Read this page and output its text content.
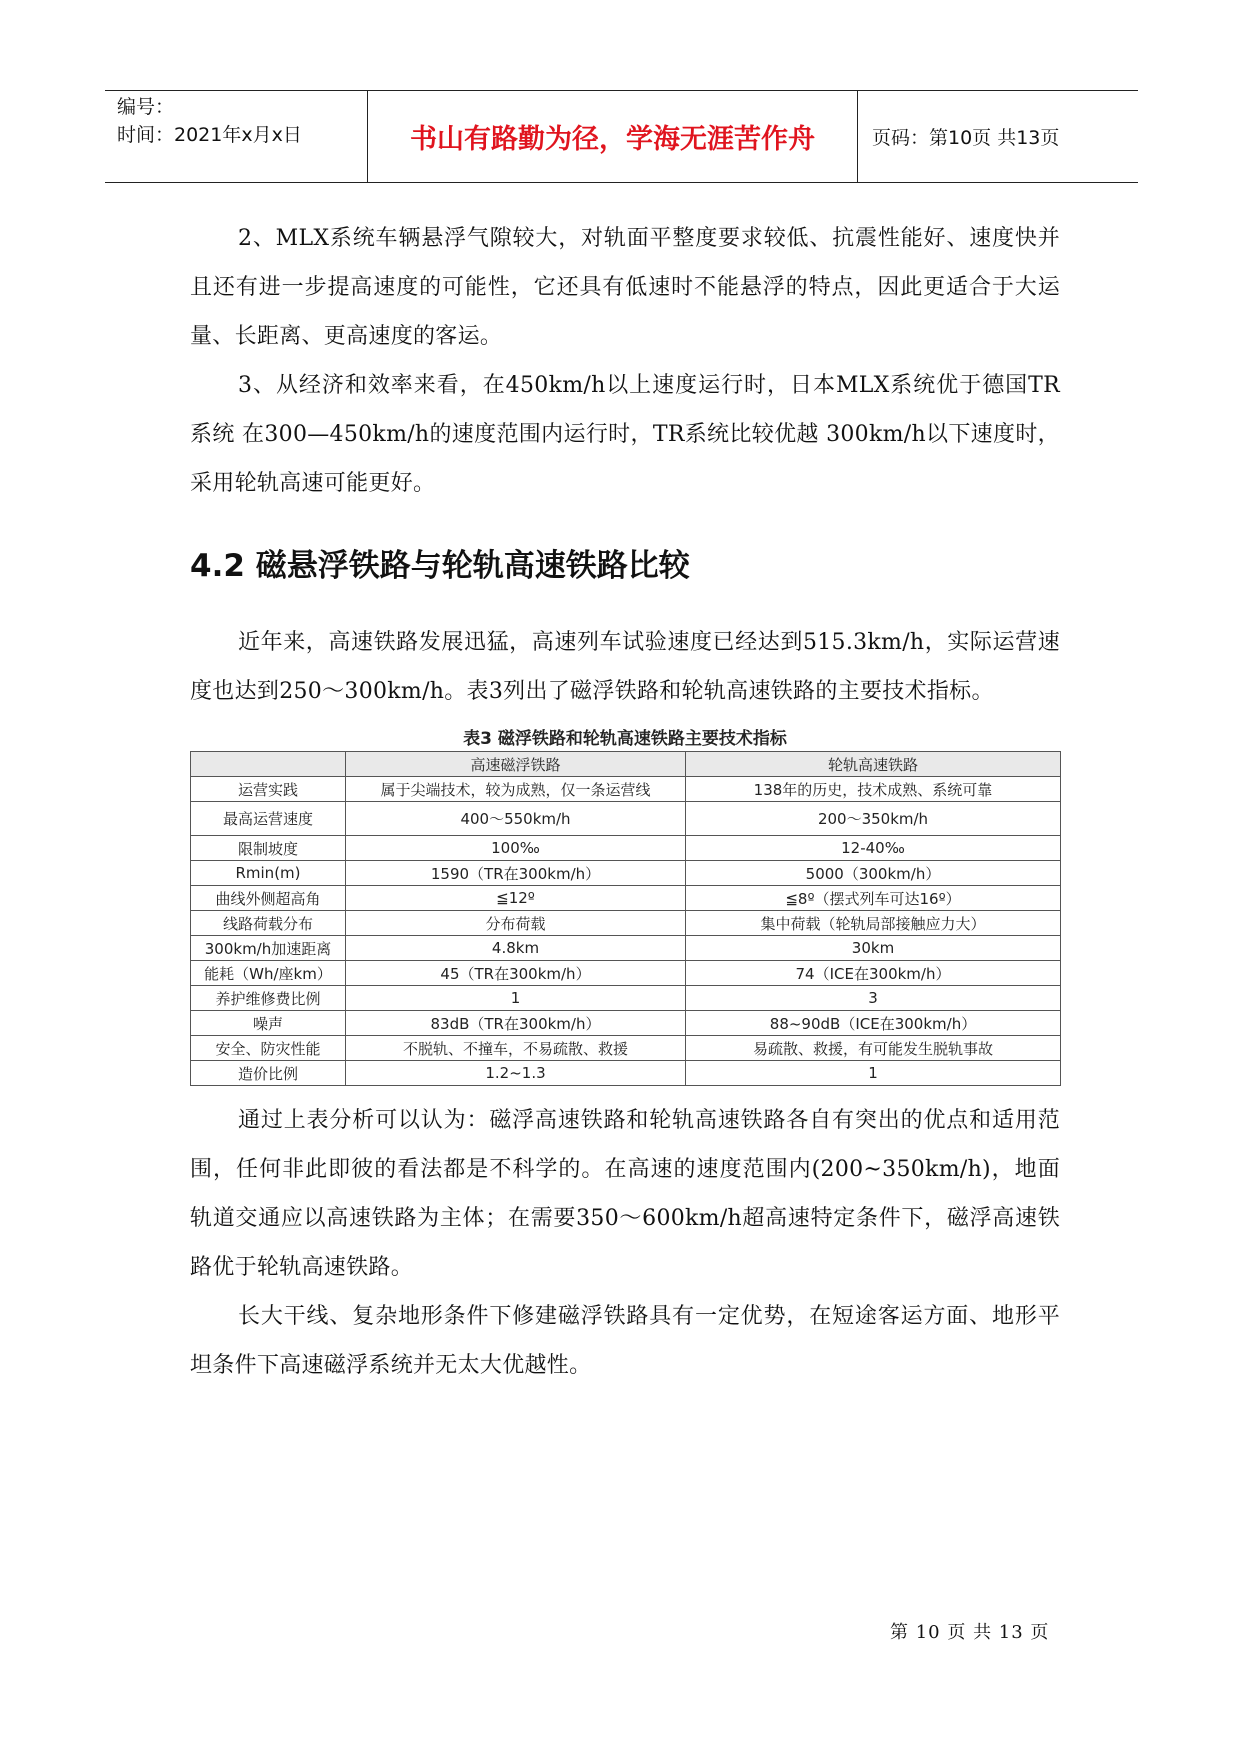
编号：
时间：2021年x月x日	书山有路勤为径，学海无涯苦作舟	页码：第10页 共13页

2、MLX系统车辆悬浮气隙较大，对轨面平整度要求较低、抗震性能好、速度快并且还有进一步提高速度的可能性，它还具有低速时不能悬浮的特点，因此更适合于大运量、长距离、更高速度的客运。

3、从经济和效率来看，在450km/h以上速度运行时，日本MLX系统优于德国TR系统 在300—450km/h的速度范围内运行时，TR系统比较优越 300km/h以下速度时，采用轮轨高速可能更好。

4.2 磁悬浮铁路与轮轨高速铁路比较

近年来，高速铁路发展迅猛，高速列车试验速度已经达到515.3km/h，实际运营速度也达到250～300km/h。表3列出了磁浮铁路和轮轨高速铁路的主要技术指标。

表3 磁浮铁路和轮轨高速铁路主要技术指标
	高速磁浮铁路	轮轨高速铁路
运营实践	属于尖端技术，较为成熟，仅一条运营线	138年的历史，技术成熟、系统可靠
最高运营速度	400～550km/h	200～350km/h
限制坡度	100‰	12-40‰
Rmin(m)	1590（TR在300km/h）	5000（300km/h）
曲线外侧超高角	≦12º	≦8º（摆式列车可达16º）
线路荷载分布	分布荷载	集中荷载（轮轨局部接触应力大）
300km/h加速距离	4.8km	30km
能耗（Wh/座km）	45（TR在300km/h）	74（ICE在300km/h）
养护维修费比例	1	3
噪声	83dB（TR在300km/h）	88~90dB（ICE在300km/h）
安全、防灾性能	不脱轨、不撞车，不易疏散、救援	易疏散、救援，有可能发生脱轨事故
造价比例	1.2~1.3	1

通过上表分析可以认为：磁浮高速铁路和轮轨高速铁路各自有突出的优点和适用范围，任何非此即彼的看法都是不科学的。在高速的速度范围内(200~350km/h)，地面轨道交通应以高速铁路为主体；在需要350～600km/h超高速特定条件下，磁浮高速铁路优于轮轨高速铁路。

长大干线、复杂地形条件下修建磁浮铁路具有一定优势，在短途客运方面、地形平坦条件下高速磁浮系统并无太大优越性。

第 10 页 共 13 页
